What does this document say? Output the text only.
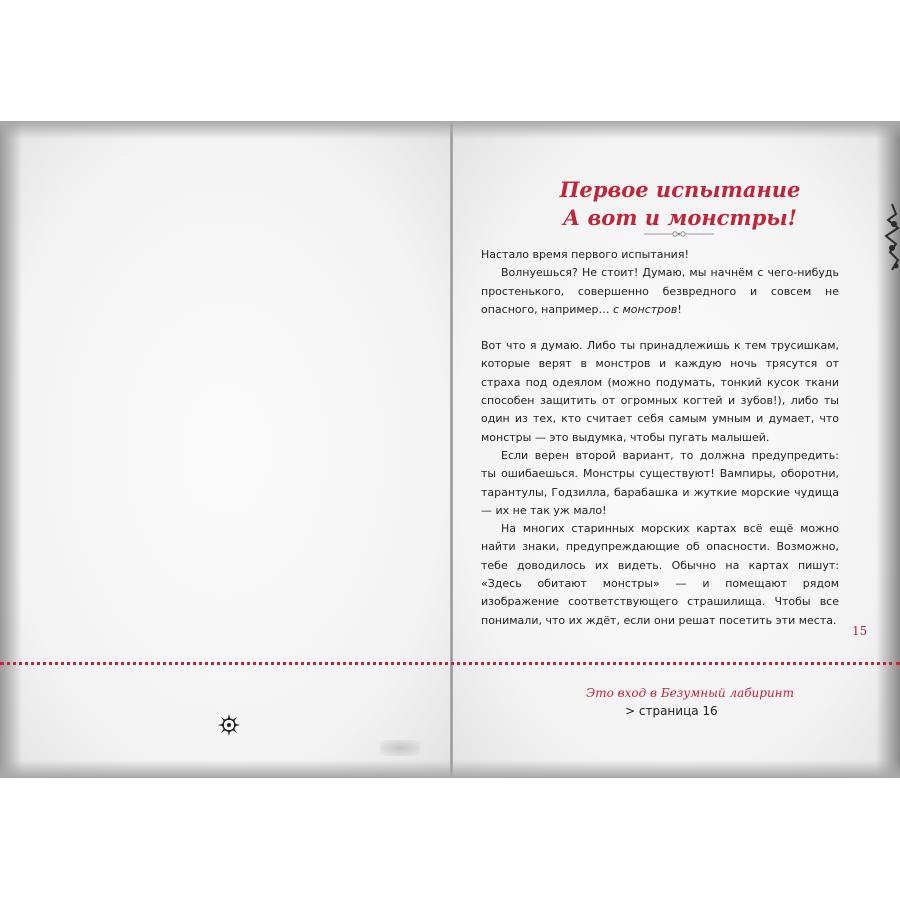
Первое испытание
А вот и монстры!

Настало время первого испытания!

Волнуешься? Не стоит! Думаю, мы начнём с чего-нибудь простенького, совершенно безвредного и совсем не опасного, например… с монстров!

Вот что я думаю. Либо ты принадлежишь к тем трусишкам, которые верят в монстров и каждую ночь трясутся от страха под одеялом (можно подумать, тонкий кусок ткани способен защитить от огромных когтей и зубов!), либо ты один из тех, кто считает себя самым умным и думает, что монстры — это выдумка, чтобы пугать малышей.

Если верен второй вариант, то должна предупредить: ты ошибаешься. Монстры существуют! Вампиры, оборотни, тарантулы, Годзилла, барабашка и жуткие морские чудища — их не так уж мало!

На многих старинных морских картах всё ещё можно найти знаки, предупреждающие об опасности. Возможно, тебе доводилось их видеть. Обычно на картах пишут: «Здесь обитают монстры» — и помещают рядом изображение соответствующего страшилища. Чтобы все понимали, что их ждёт, если они решат посетить эти места.

15
Это вход в Безумный лабиринт
> страница 16
